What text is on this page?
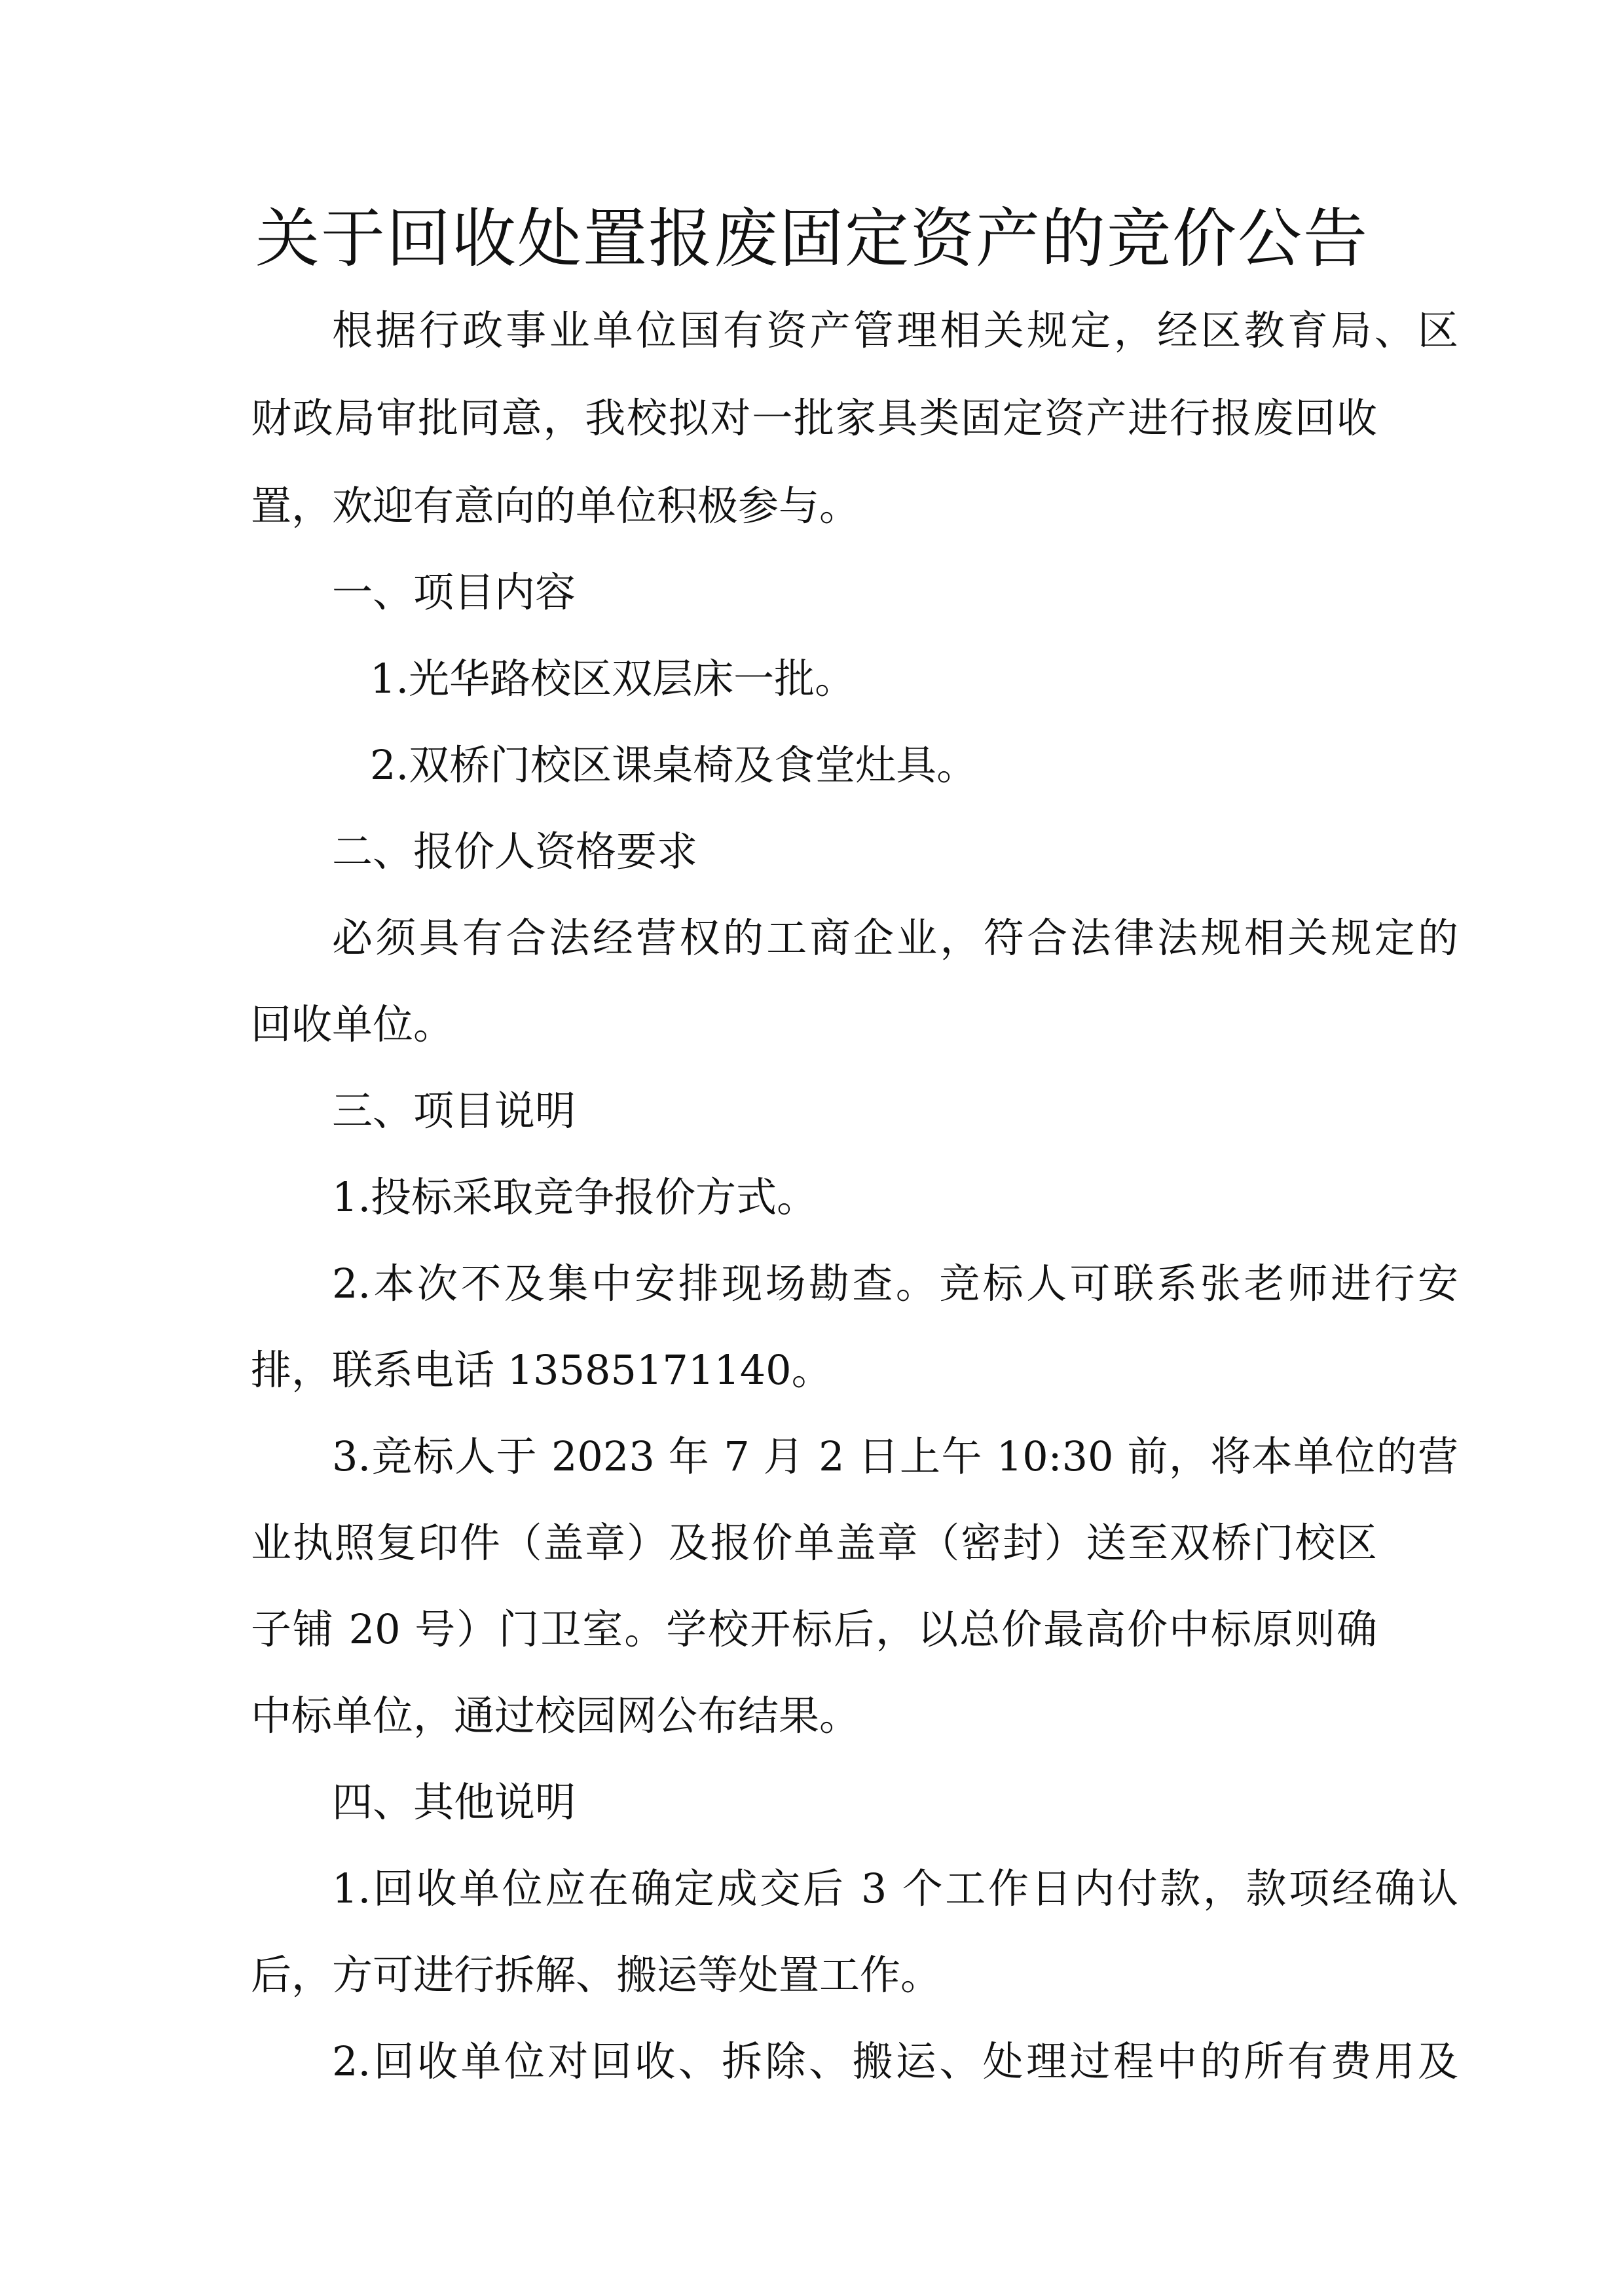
关于回收处置报废固定资产的竞价公告

根据行政事业单位国有资产管理相关规定，经区教育局、区

财政局审批同意，我校拟对一批家具类固定资产进行报废回收

置，欢迎有意向的单位积极参与。

一、项目内容

1.光华路校区双层床一批。

2.双桥门校区课桌椅及食堂灶具。

二、报价人资格要求

必须具有合法经营权的工商企业，符合法律法规相关规定的

回收单位。

三、项目说明

1.投标采取竞争报价方式。

2.本次不及集中安排现场勘查。竞标人可联系张老师进行安

排，联系电话 13585171140。

3.竞标人于 2023 年 7 月 2 日上午 10:30 前，将本单位的营

业执照复印件（盖章）及报价单盖章（密封）送至双桥门校区

子铺 20 号）门卫室。学校开标后，以总价最高价中标原则确

中标单位，通过校园网公布结果。

四、其他说明

1.回收单位应在确定成交后 3 个工作日内付款，款项经确认

后，方可进行拆解、搬运等处置工作。

2.回收单位对回收、拆除、搬运、处理过程中的所有费用及
